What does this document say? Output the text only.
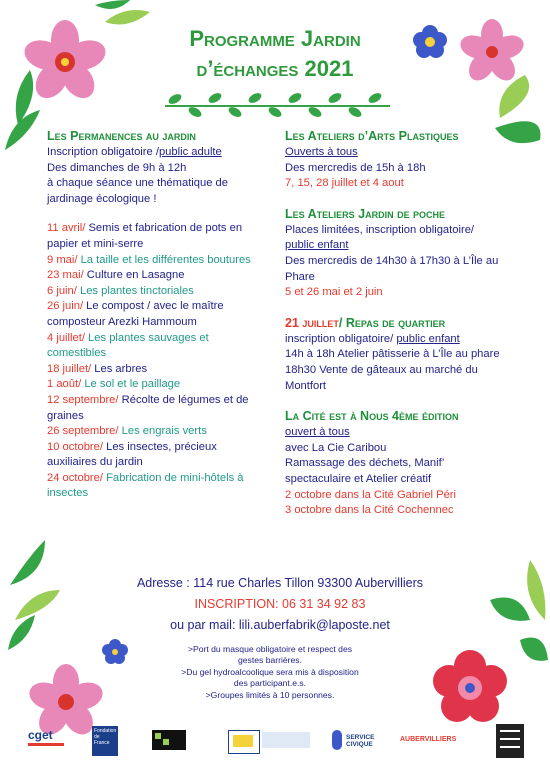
Programme Jardin
d’échanges 2021

Les Permanences au jardin

Inscription obligatoire /public adulte

Des dimanches de 9h à 12h

à chaque séance une thématique de jardinage écologique !

11 avril/ Semis et fabrication de pots en papier et mini-serre

9 mai/ La taille et les différentes boutures

23 mai/ Culture en Lasagne

6 juin/ Les plantes tinctoriales

26 juin/ Le compost / avec le maître composteur Arezki Hammoum

4 juillet/ Les plantes sauvages et comestibles

18 juillet/ Les arbres

1 août/ Le sol et le paillage

12 septembre/ Récolte de légumes et de graines

26 septembre/ Les engrais verts

10 octobre/ Les insectes, précieux auxiliaires du jardin

24 octobre/ Fabrication de mini-hôtels à insectes

Les Ateliers d’Arts Plastiques

Ouverts à tous

Des mercredis de 15h à 18h

7, 15, 28 juillet et 4 aout

Les Ateliers Jardin de poche

Places limitées, inscription obligatoire/

public enfant

Des mercredis de 14h30 à 17h30 à L’Île au Phare

5 et 26 mai et 2 juin

21 juillet/ Repas de quartier

inscription obligatoire/ public enfant

14h à 18h Atelier pâtisserie à L’Île au phare

18h30 Vente de gâteaux au marché du Montfort

La Cité est à Nous 4ème édition

ouvert à tous

avec La Cie Caribou

Ramassage des déchets, Manif’ spectaculaire et Atelier créatif

2 octobre dans la Cité Gabriel Péri

3 octobre dans la Cité Cochennec

Adresse : 114 rue Charles Tillon 93300 Aubervilliers
INSCRIPTION: 06 31 34 92 83
ou par mail: lili.auberfabrik@laposte.net
>Port du masque obligatoire et respect des gestes barrières.
>Du gel hydroalcoolique sera mis à disposition des participant.e.s.
>Groupes limités à 10 personnes.
cget	Fondation de France
SERVICE CIVIQUE
AUBERVILLIERS
